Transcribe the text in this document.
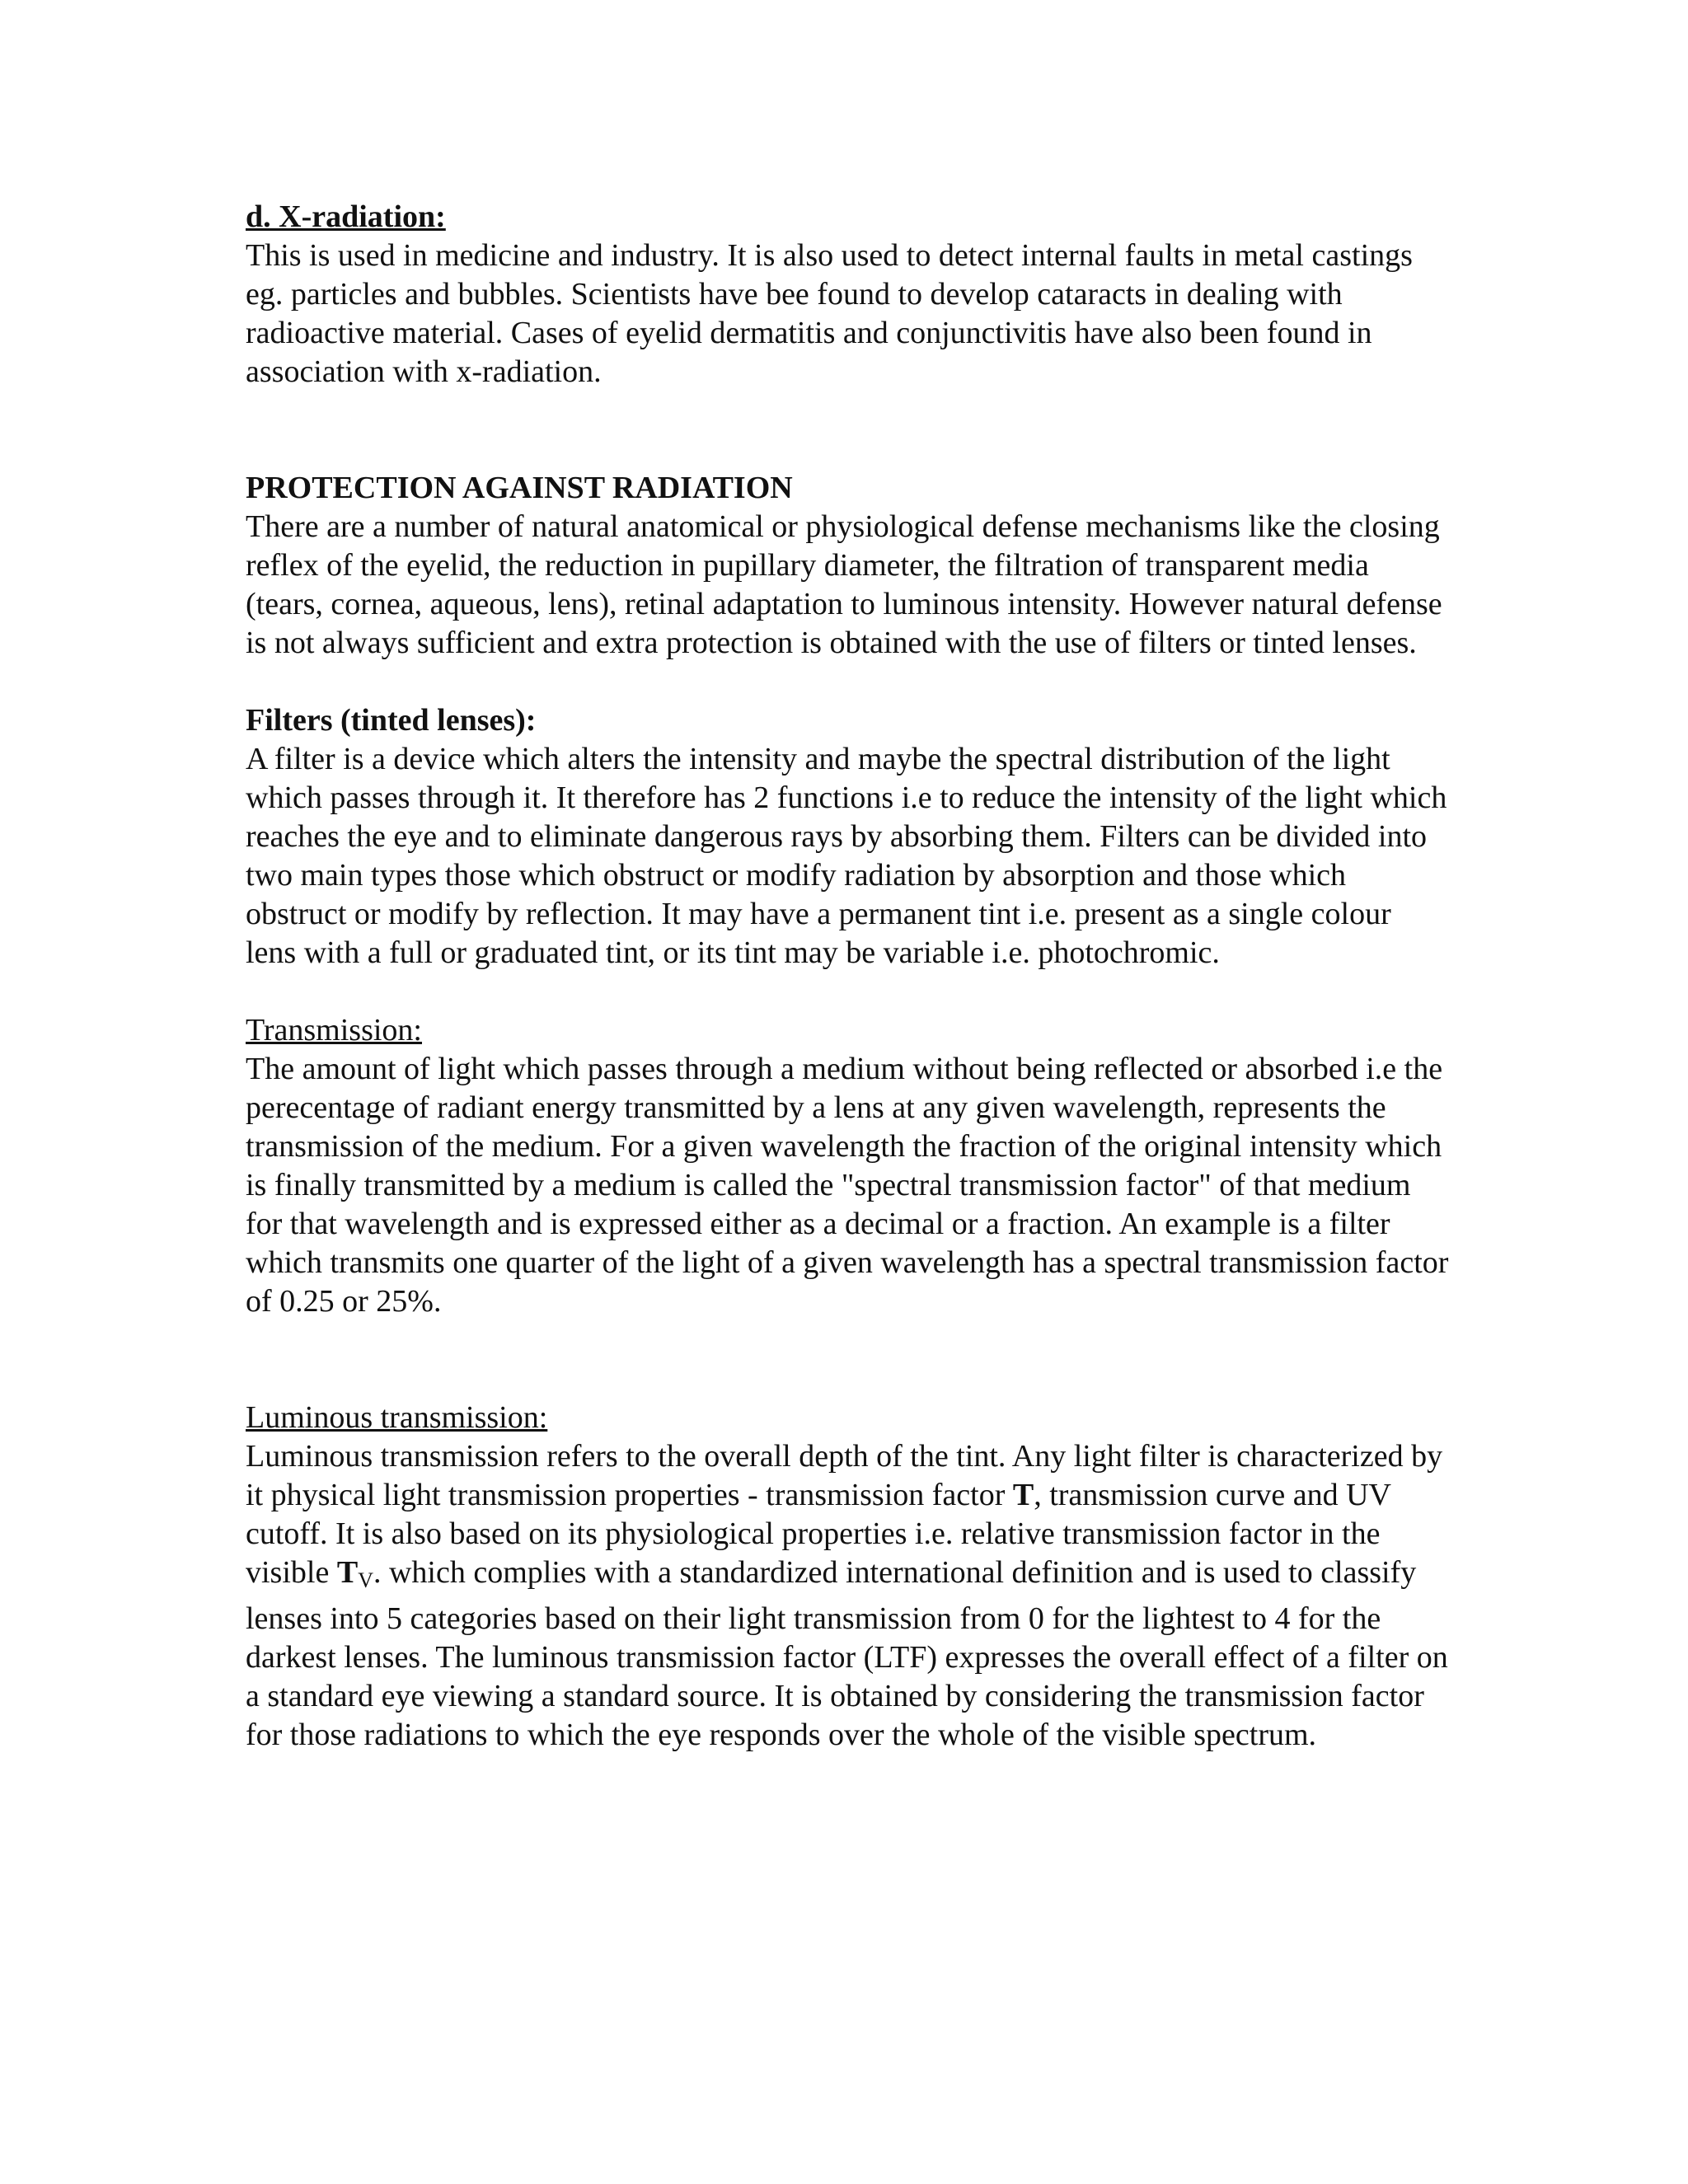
d. X-radiation:

This is used in medicine and industry. It is also used to detect internal faults in metal castings eg. particles and bubbles. Scientists have bee found to develop cataracts in dealing with radioactive material. Cases of eyelid dermatitis and conjunctivitis have also been found in association with x-radiation.

PROTECTION AGAINST RADIATION

There are a number of natural anatomical or physiological defense mechanisms like the closing reflex of the eyelid, the reduction in pupillary diameter, the filtration of transparent media (tears, cornea, aqueous, lens), retinal adaptation to luminous intensity. However natural defense is not always sufficient and extra protection is obtained with the use of filters or tinted lenses.

Filters (tinted lenses):

A filter is a device which alters the intensity and maybe the spectral distribution of the light which passes through it. It therefore has 2 functions i.e to reduce the intensity of the light which reaches the eye and to eliminate dangerous rays by absorbing them. Filters can be divided into two main types those which obstruct or modify radiation by absorption and those which obstruct or modify by reflection. It may have a permanent tint i.e. present as a single colour lens with a full or graduated tint, or its tint may be variable i.e. photochromic.

Transmission:

The amount of light which passes through a medium without being reflected or absorbed i.e the perecentage of radiant energy transmitted by a lens at any given wavelength, represents the transmission of the medium. For a given wavelength the fraction of the original intensity which is finally transmitted by a medium is called the "spectral transmission factor" of that medium for that wavelength and is expressed either as a decimal or a fraction. An example is a filter which transmits one quarter of the light of a given wavelength has a spectral transmission factor of 0.25 or 25%.

Luminous transmission:

Luminous transmission refers to the overall depth of the tint. Any light filter is characterized by it physical light transmission properties - transmission factor T, transmission curve and UV cutoff. It is also based on its physiological properties i.e. relative transmission factor in the visible $T_V$. which complies with a standardized international definition and is used to classify lenses into 5 categories based on their light transmission from 0 for the lightest to 4 for the darkest lenses. The luminous transmission factor (LTF) expresses the overall effect of a filter on a standard eye viewing a standard source. It is obtained by considering the transmission factor for those radiations to which the eye responds over the whole of the visible spectrum.
